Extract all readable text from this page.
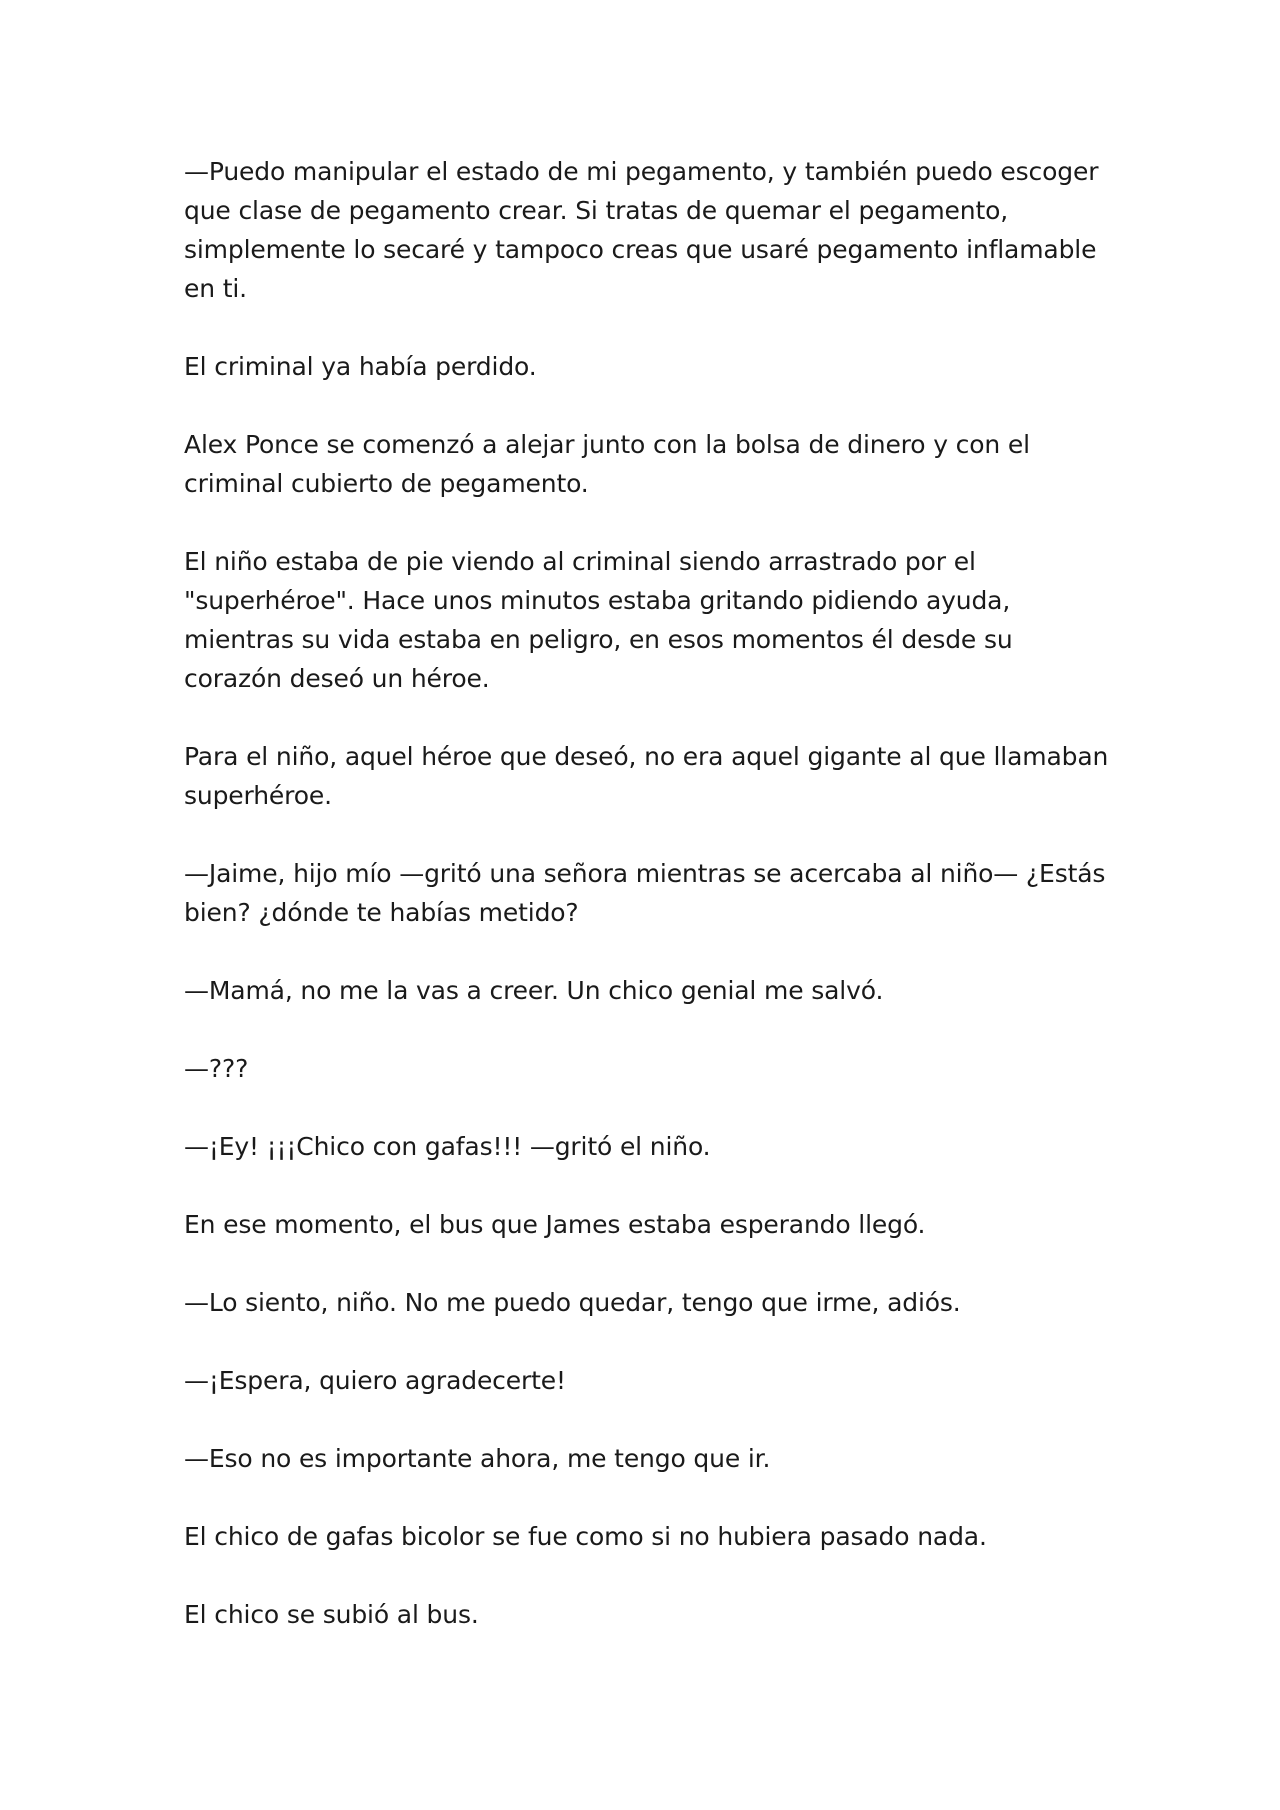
—Puedo manipular el estado de mi pegamento, y también puedo escoger que clase de pegamento crear. Si tratas de quemar el pegamento, simplemente lo secaré y tampoco creas que usaré pegamento inflamable en ti.

El criminal ya había perdido.

Alex Ponce se comenzó a alejar junto con la bolsa de dinero y con el criminal cubierto de pegamento.

El niño estaba de pie viendo al criminal siendo arrastrado por el "superhéroe". Hace unos minutos estaba gritando pidiendo ayuda, mientras su vida estaba en peligro, en esos momentos él desde su corazón deseó un héroe.

Para el niño, aquel héroe que deseó, no era aquel gigante al que llamaban superhéroe.

—Jaime, hijo mío —gritó una señora mientras se acercaba al niño— ¿Estás bien? ¿dónde te habías metido?

—Mamá, no me la vas a creer. Un chico genial me salvó.

—???

—¡Ey! ¡¡¡Chico con gafas!!! —gritó el niño.

En ese momento, el bus que James estaba esperando llegó.

—Lo siento, niño. No me puedo quedar, tengo que irme, adiós.

—¡Espera, quiero agradecerte!

—Eso no es importante ahora, me tengo que ir.

El chico de gafas bicolor se fue como si no hubiera pasado nada.

El chico se subió al bus.
